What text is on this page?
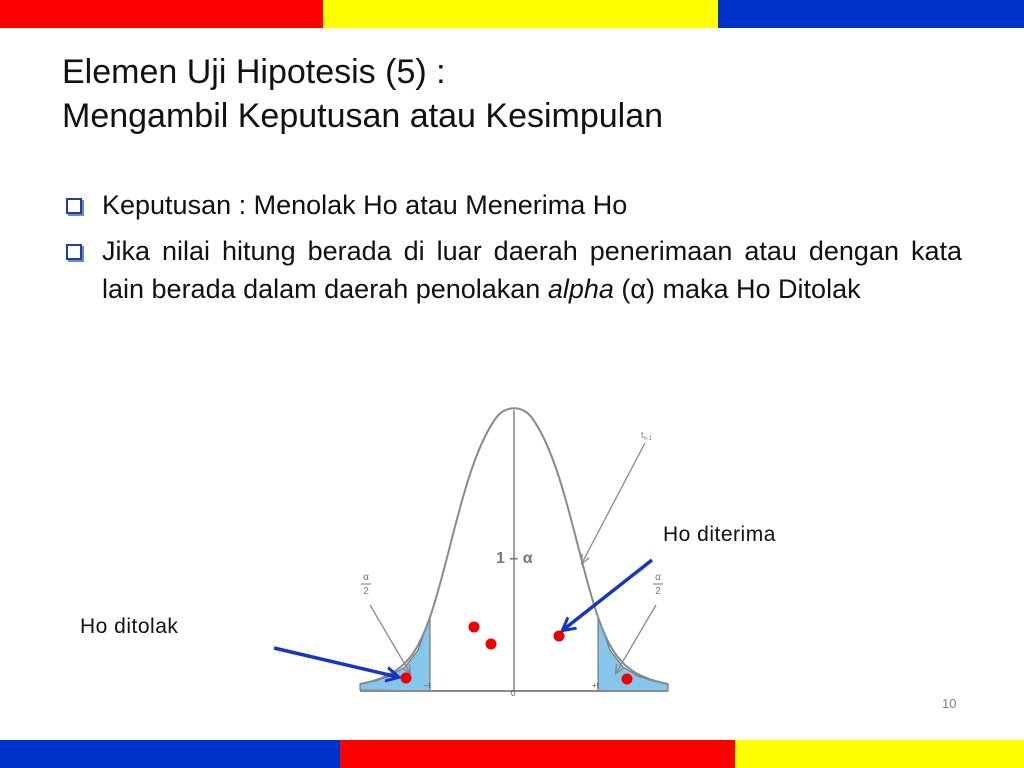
Elemen Uji Hipotesis (5) :
Mengambil Keputusan atau Kesimpulan
Keputusan : Menolak Ho atau Menerima Ho
Jika nilai hitung berada di luar daerah penerimaan atau dengan kata lain berada dalam daerah penolakan alpha (α) maka Ho Ditolak
$t_{n-1}$
1 – α
α
2
α
2
–t
0
+t
Ho diterima
Ho ditolak
10
